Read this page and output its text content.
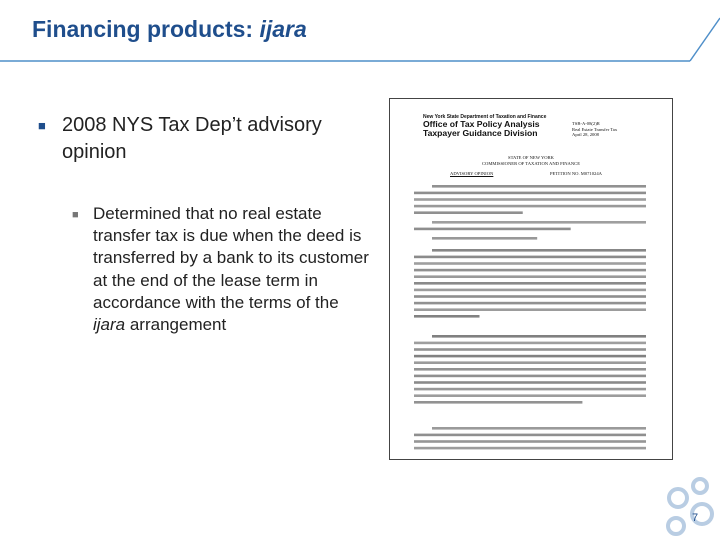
Financing products: ijara
■ 2008 NYS Tax Dep’t advisory opinion
■ Determined that no real estate transfer tax is due when the deed is transferred by a bank to its customer at the end of the lease term in accordance with the terms of the ijara arrangement
New York State Department of Taxation and Finance
Office of Tax Policy Analysis
Taxpayer Guidance Division
TSB-A-08(2)R
Real Estate Transfer Tax
April 28, 2008
STATE OF NEW YORK
COMMISSIONER OF TAXATION AND FINANCE
ADVISORY OPINION	PETITION NO. M071024A
7
